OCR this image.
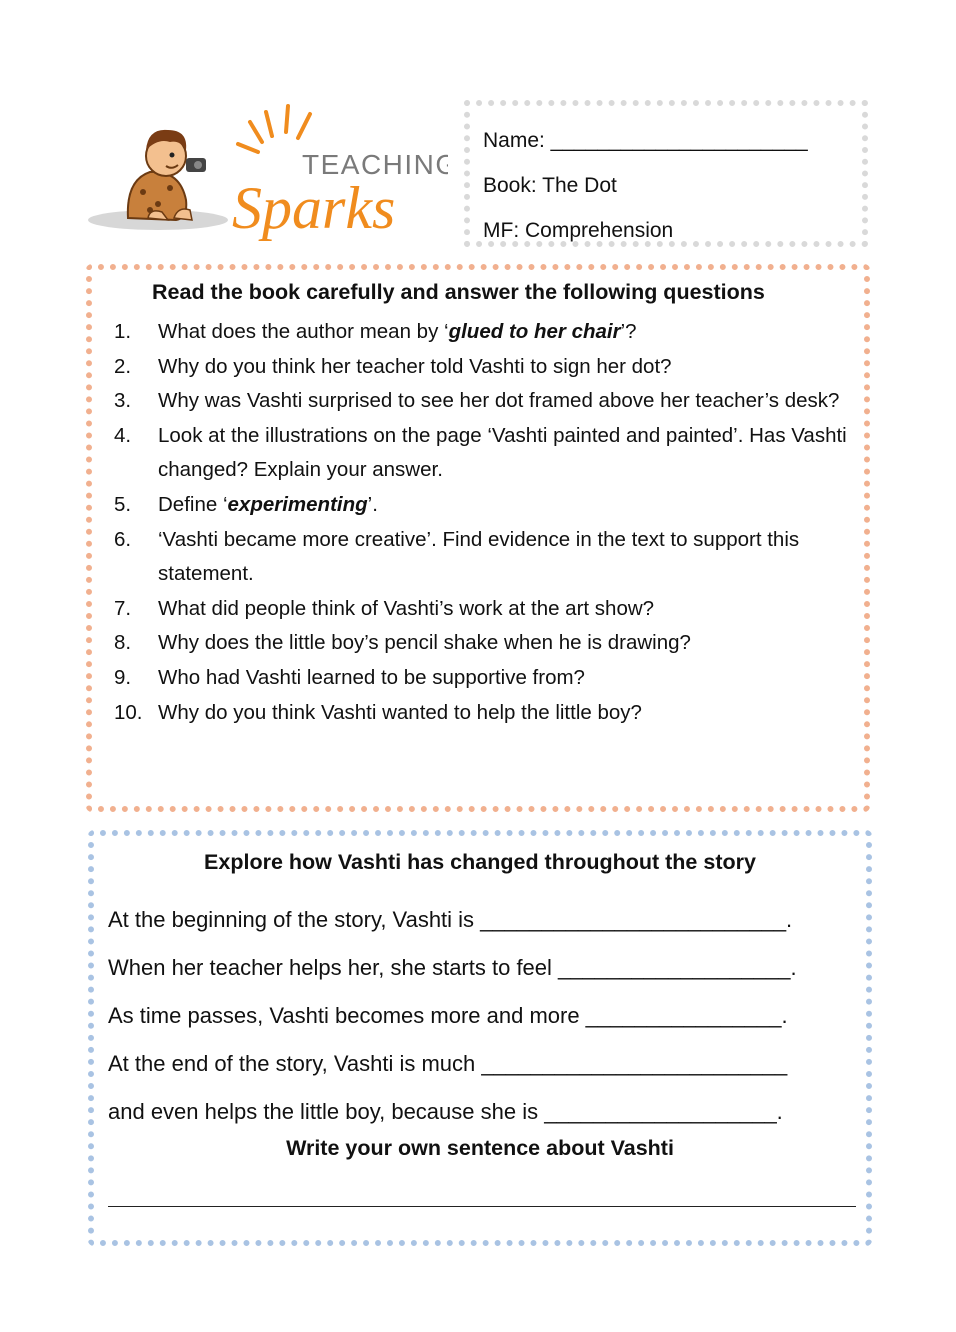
TEACHING
Sparks
Name: ______________________
Book: The Dot
MF: Comprehension
Read the book carefully and answer the following questions
1. What does the author mean by ‘glued to her chair’?
2. Why do you think her teacher told Vashti to sign her dot?
3. Why was Vashti surprised to see her dot framed above her teacher’s desk?
4. Look at the illustrations on the page ‘Vashti painted and painted’. Has Vashti changed? Explain your answer.
5. Define ‘experimenting’.
6. ‘Vashti became more creative’. Find evidence in the text to support this statement.
7. What did people think of Vashti’s work at the art show?
8. Why does the little boy’s pencil shake when he is drawing?
9. Who had Vashti learned to be supportive from?
10. Why do you think Vashti wanted to help the little boy?
Explore how Vashti has changed throughout the story
At the beginning of the story, Vashti is _________________________.
When her teacher helps her, she starts to feel ___________________.
As time passes, Vashti becomes more and more ________________.
At the end of the story, Vashti is much _________________________
and even helps the little boy, because she is ___________________.
Write your own sentence about Vashti
